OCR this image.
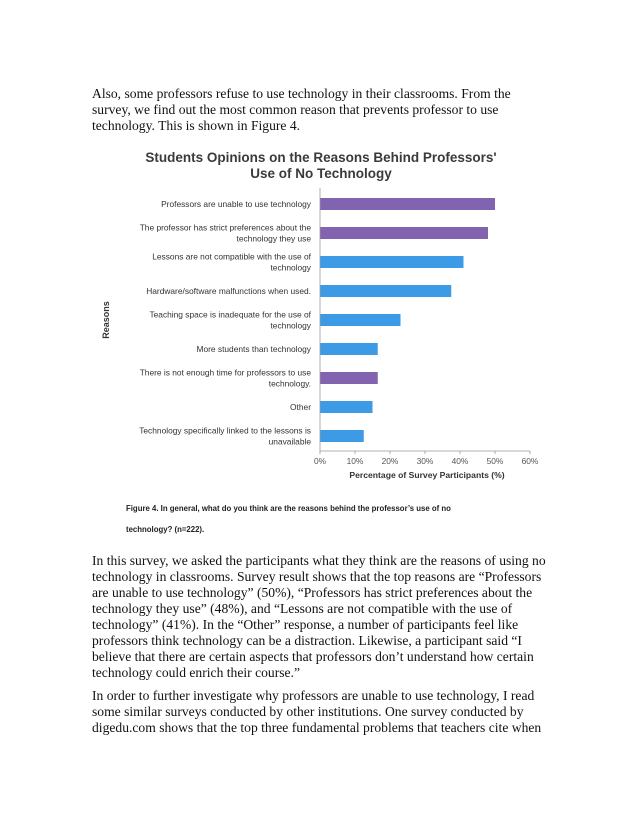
Also, some professors refuse to use technology in their classrooms. From the survey, we find out the most common reason that prevents professor to use technology. This is shown in Figure 4.

Students Opinions on the Reasons Behind Professors'
Use of No Technology
Professors are unable to use technology
The professor has strict preferences about the
technology they use
Lessons are not compatible with the use of
technology
Hardware/software malfunctions when used.
Teaching space is inadequate for the use of
technology
More students than technology
There is not enough time for professors to use
technology.
Other
Technology specifically linked to the lessons is
unavailable
0% 10% 20% 30% 40% 50% 60%
Reasons
Percentage of Survey Participants (%)

Figure 4. In general, what do you think are the reasons behind the professor’s use of no

technology? (n=222).

In this survey, we asked the participants what they think are the reasons of using no technology in classrooms. Survey result shows that the top reasons are “Professors are unable to use technology” (50%), “Professors has strict preferences about the technology they use” (48%), and “Lessons are not compatible with the use of technology” (41%). In the “Other” response, a number of participants feel like professors think technology can be a distraction. Likewise, a participant said “I believe that there are certain aspects that professors don’t understand how certain technology could enrich their course.”

In order to further investigate why professors are unable to use technology, I read some similar surveys conducted by other institutions. One survey conducted by digedu.com shows that the top three fundamental problems that teachers cite when
